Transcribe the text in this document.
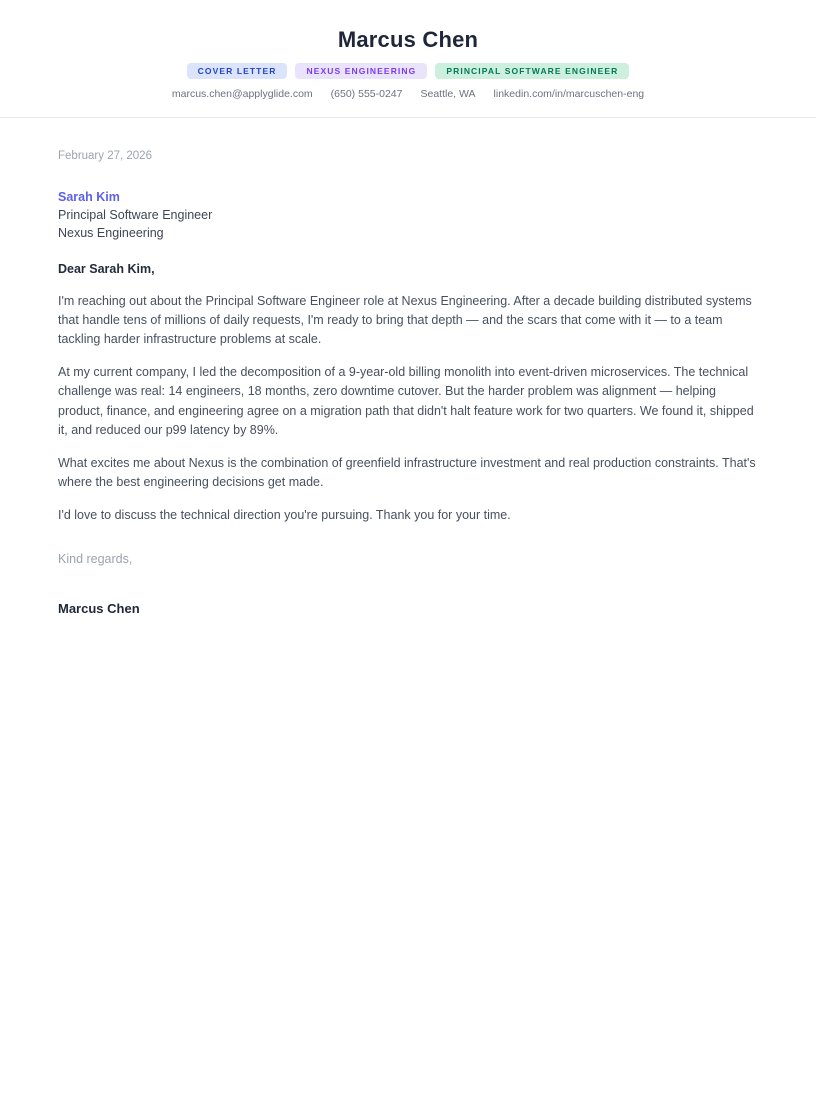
Marcus Chen
COVER LETTER	NEXUS ENGINEERING	PRINCIPAL SOFTWARE ENGINEER
marcus.chen@applyglide.com (650) 555-0247 Seattle, WA linkedin.com/in/marcuschen-eng
February 27, 2026
Sarah Kim
Principal Software Engineer
Nexus Engineering
Dear Sarah Kim,

I'm reaching out about the Principal Software Engineer role at Nexus Engineering. After a decade building distributed systems that handle tens of millions of daily requests, I'm ready to bring that depth — and the scars that come with it — to a team tackling harder infrastructure problems at scale.

At my current company, I led the decomposition of a 9-year-old billing monolith into event-driven microservices. The technical challenge was real: 14 engineers, 18 months, zero downtime cutover. But the harder problem was alignment — helping product, finance, and engineering agree on a migration path that didn't halt feature work for two quarters. We found it, shipped it, and reduced our p99 latency by 89%.

What excites me about Nexus is the combination of greenfield infrastructure investment and real production constraints. That's where the best engineering decisions get made.

I'd love to discuss the technical direction you're pursuing. Thank you for your time.

Kind regards,
Marcus Chen
